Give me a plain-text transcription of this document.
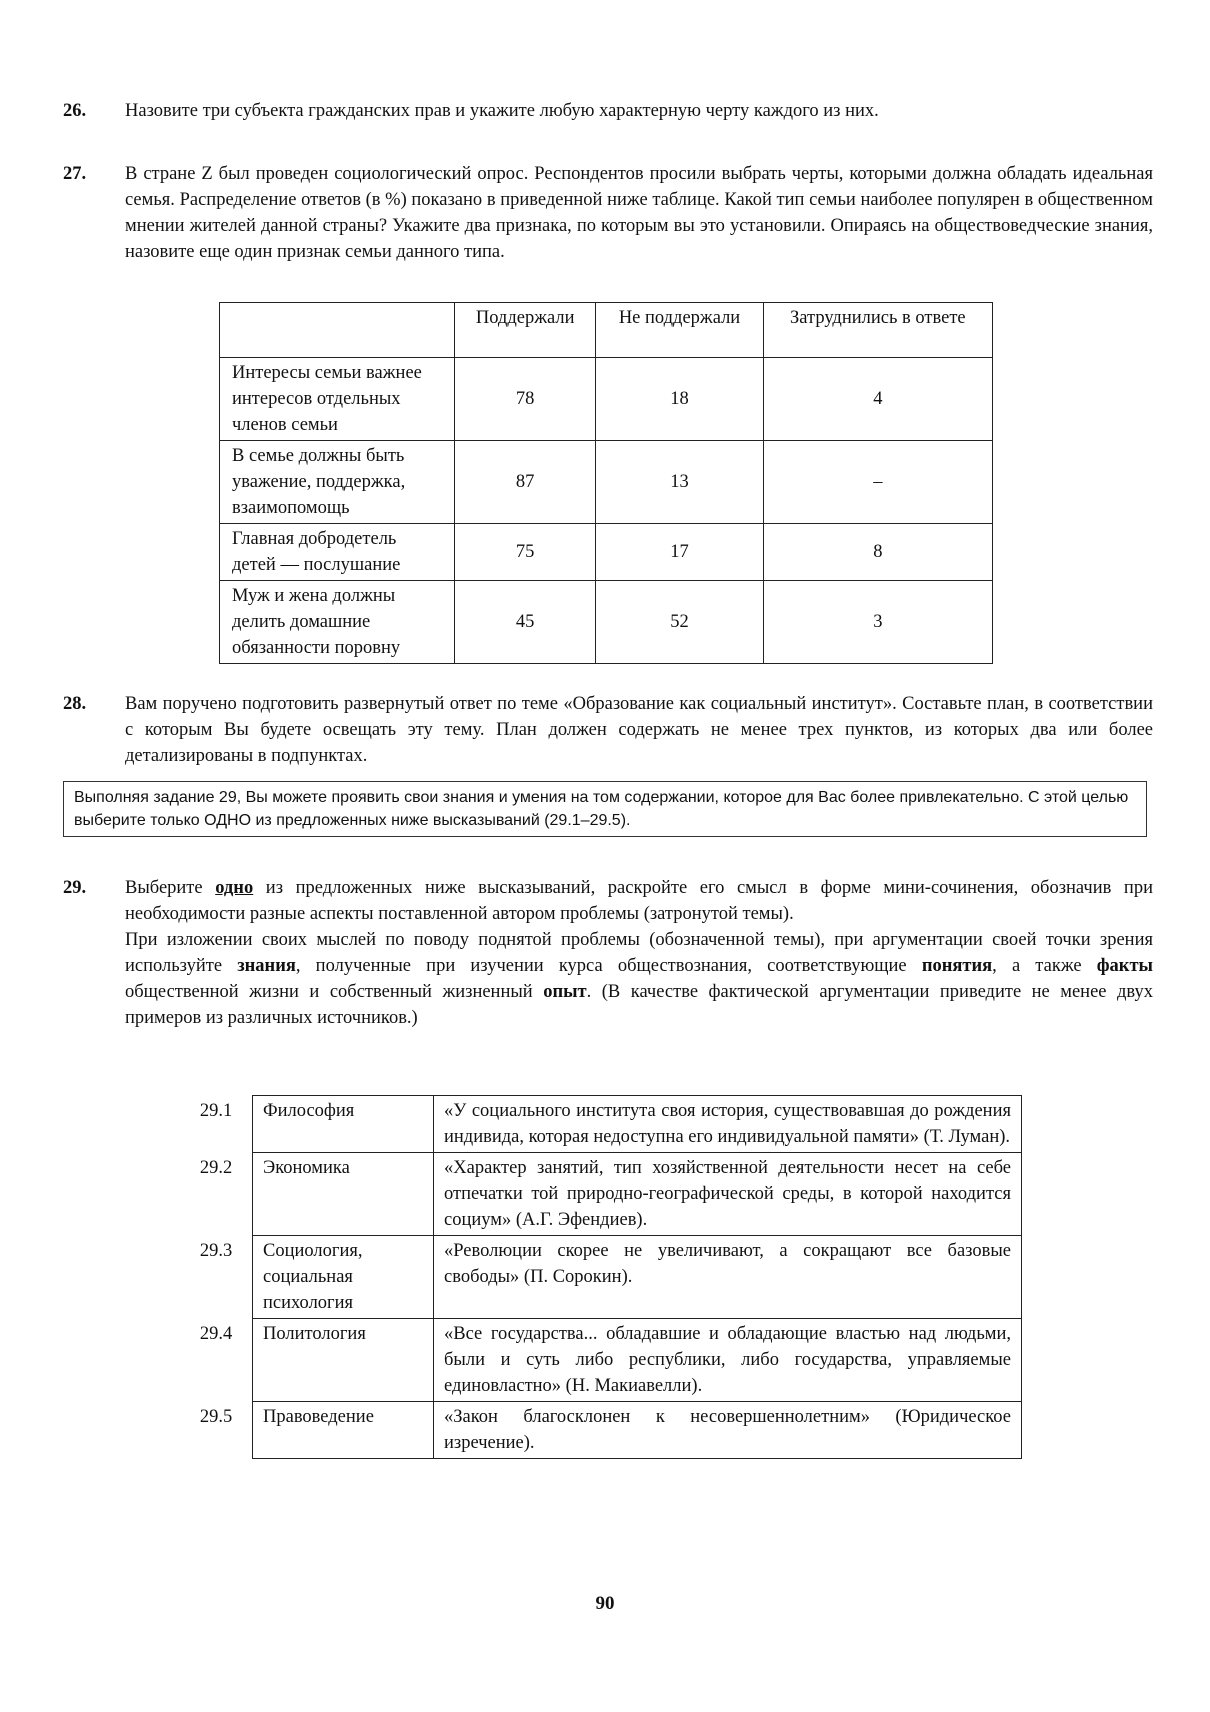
26. Назовите три субъекта гражданских прав и укажите любую характерную черту каждого из них.
27. В стране Z был проведен социологический опрос. Респондентов просили выбрать черты, которыми должна обладать идеальная семья. Распределение ответов (в %) показано в приведенной ниже таблице. Какой тип семьи наиболее популярен в общественном мнении жителей данной страны? Укажите два признака, по которым вы это установили. Опираясь на обществоведческие знания, назовите еще один признак семьи данного типа.
	Поддержали	Не поддержали	Затруднились в ответе
Интересы семьи важнее интересов отдельных членов семьи	78	18	4
В семье должны быть уважение, поддержка, взаимопомощь	87	13	–
Главная добродетель детей — послушание	75	17	8
Муж и жена должны делить домашние обязанности поровну	45	52	3
28. Вам поручено подготовить развернутый ответ по теме «Образование как социальный институт». Составьте план, в соответствии с которым Вы будете освещать эту тему. План должен содержать не менее трех пунктов, из которых два или более детализированы в подпунктах.
Выполняя задание 29, Вы можете проявить свои знания и умения на том содержании, которое для Вас более привлекательно. С этой целью выберите только ОДНО из предложенных ниже высказываний (29.1–29.5).
29. Выберите одно из предложенных ниже высказываний, раскройте его смысл в форме мини-сочинения, обозначив при необходимости разные аспекты поставленной автором проблемы (затронутой темы).
При изложении своих мыслей по поводу поднятой проблемы (обозначенной темы), при аргументации своей точки зрения используйте знания, полученные при изучении курса обществознания, соответствующие понятия, а также факты общественной жизни и собственный жизненный опыт. (В качестве фактической аргументации приведите не менее двух примеров из различных источников.)
29.1	Философия	«У социального института своя история, существовавшая до рождения индивида, которая недоступна его индивидуальной памяти» (Т. Луман).
29.2	Экономика	«Характер занятий, тип хозяйственной деятельности несет на себе отпечатки той природно-географической среды, в которой находится социум» (А.Г. Эфендиев).
29.3	Социология, социальная психология	«Революции скорее не увеличивают, а сокращают все базовые свободы» (П. Сорокин).
29.4	Политология	«Все государства... обладавшие и обладающие властью над людьми, были и суть либо республики, либо государства, управляемые единовластно» (Н. Макиавелли).
29.5	Правоведение	«Закон благосклонен к несовершеннолетним» (Юридическое изречение).
90
